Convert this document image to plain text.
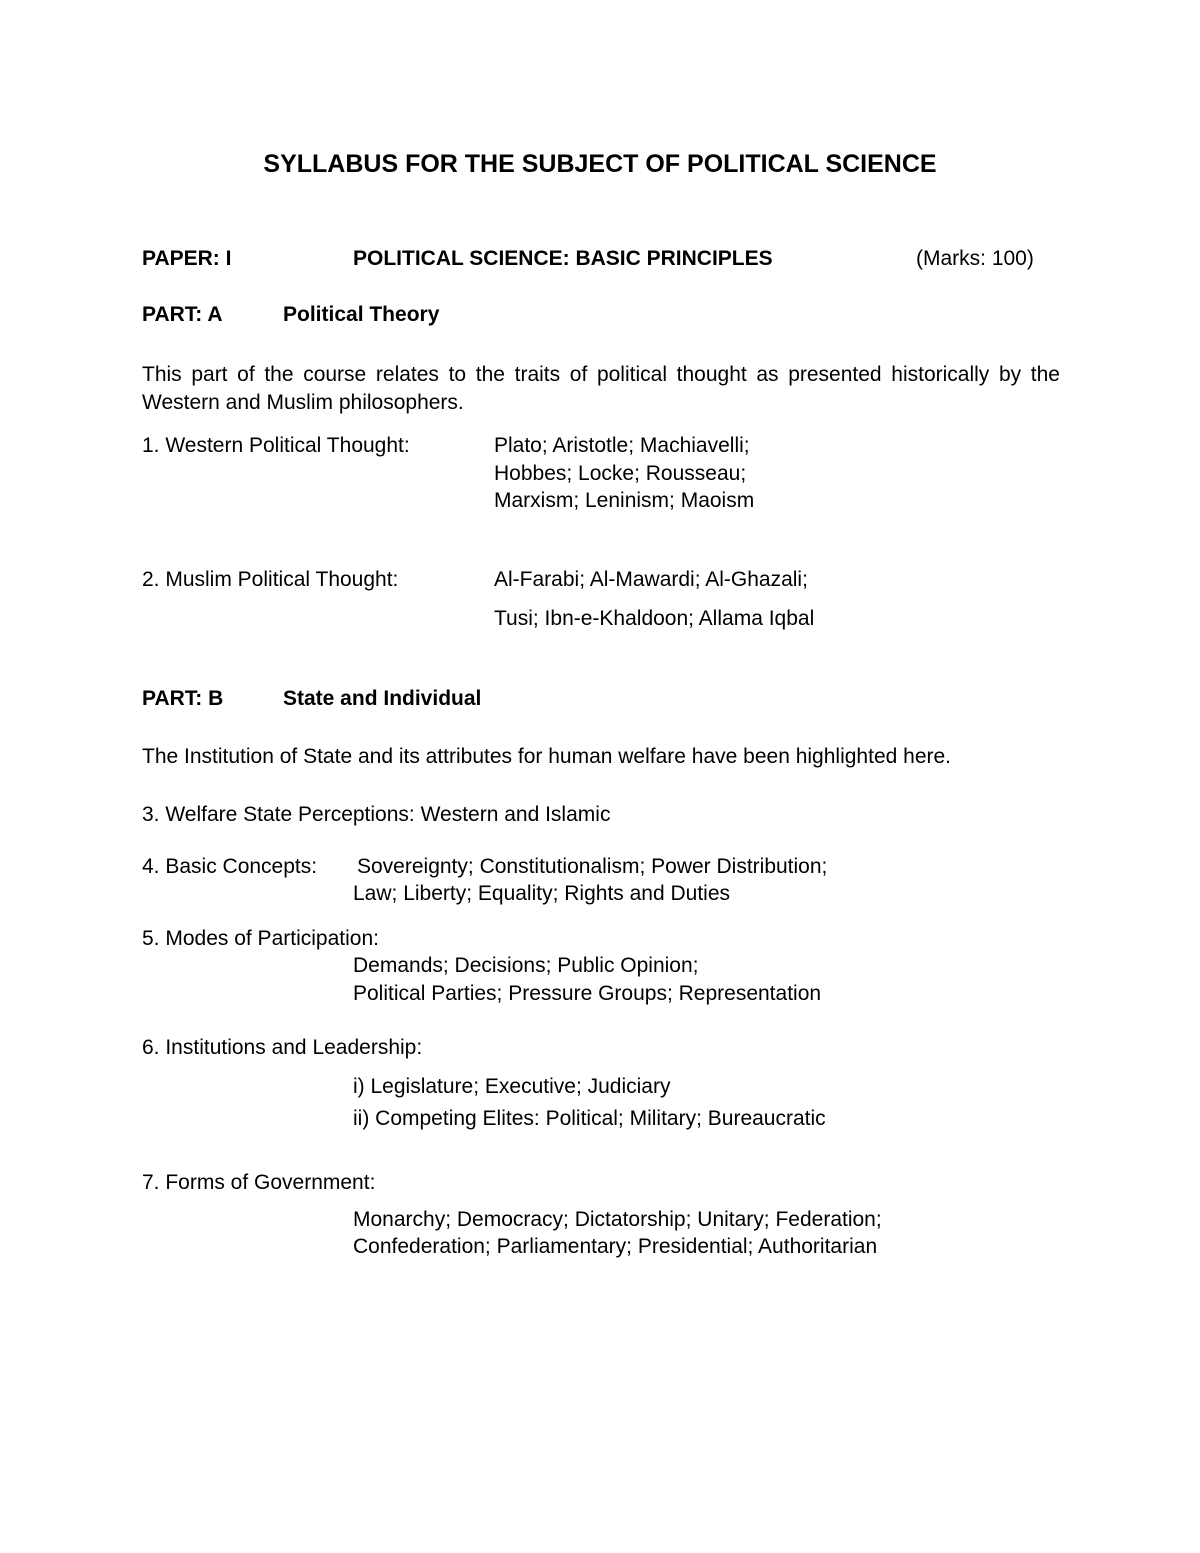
SYLLABUS FOR THE SUBJECT OF POLITICAL SCIENCE
PAPER: I	POLITICAL SCIENCE: BASIC PRINCIPLES	(Marks: 100)
PART: A	Political Theory
This part of the course relates to the traits of political thought as presented historically by the Western and Muslim philosophers.
1. Western Political Thought:	Plato; Aristotle; Machiavelli;
Hobbes; Locke; Rousseau;
Marxism; Leninism; Maoism
2. Muslim Political Thought:	Al-Farabi; Al-Mawardi; Al-Ghazali;
Tusi; Ibn-e-Khaldoon; Allama Iqbal
PART: B	State and Individual
The Institution of State and its attributes for human welfare have been highlighted here.
3. Welfare State Perceptions: Western and Islamic
4. Basic Concepts: Sovereignty; Constitutionalism; Power Distribution;
Law; Liberty; Equality; Rights and Duties
5. Modes of Participation:
Demands; Decisions; Public Opinion;
Political Parties; Pressure Groups; Representation
6. Institutions and Leadership:
i) Legislature; Executive; Judiciary
ii) Competing Elites: Political; Military; Bureaucratic
7. Forms of Government:
Monarchy; Democracy; Dictatorship; Unitary; Federation;
Confederation; Parliamentary; Presidential; Authoritarian
